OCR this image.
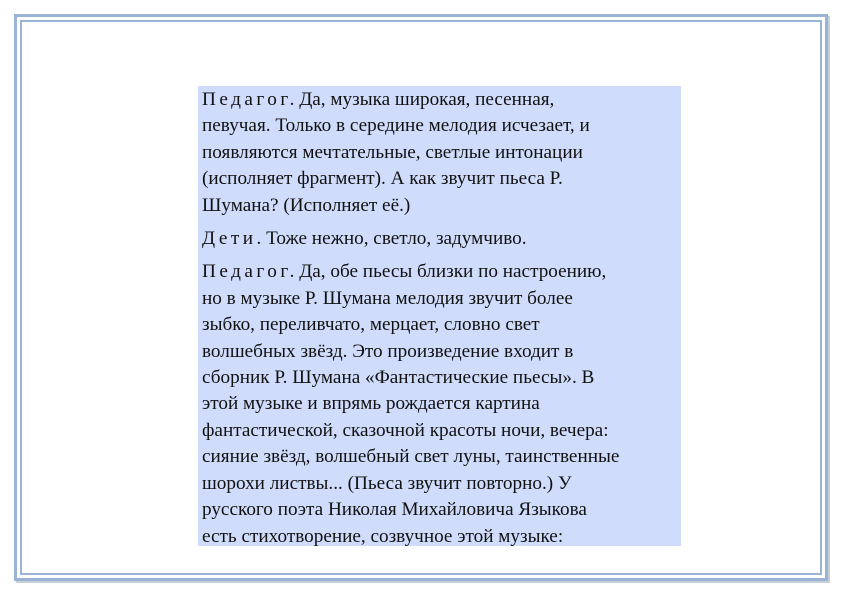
Педагог. Да, музыка широкая, песенная,
певучая. Только в середине мелодия исчезает, и
появляются мечтательные, светлые интонации
(исполняет фрагмент). А как звучит пьеса Р.
Шумана? (Исполняет её.)

Дети. Тоже нежно, светло, задумчиво.

Педагог. Да, обе пьесы близки по настроению,
но в музыке Р. Шумана мелодия звучит более
зыбко, переливчато, мерцает, словно свет
волшебных звёзд. Это произведение входит в
сборник Р. Шумана «Фантастические пьесы». В
этой музыке и впрямь рождается картина
фантастической, сказочной красоты ночи, вечера:
сияние звёзд, волшебный свет луны, таинственные
шорохи листвы... (Пьеса звучит повторно.) У
русского поэта Николая Михайловича Языкова
есть стихотворение, созвучное этой музыке:
